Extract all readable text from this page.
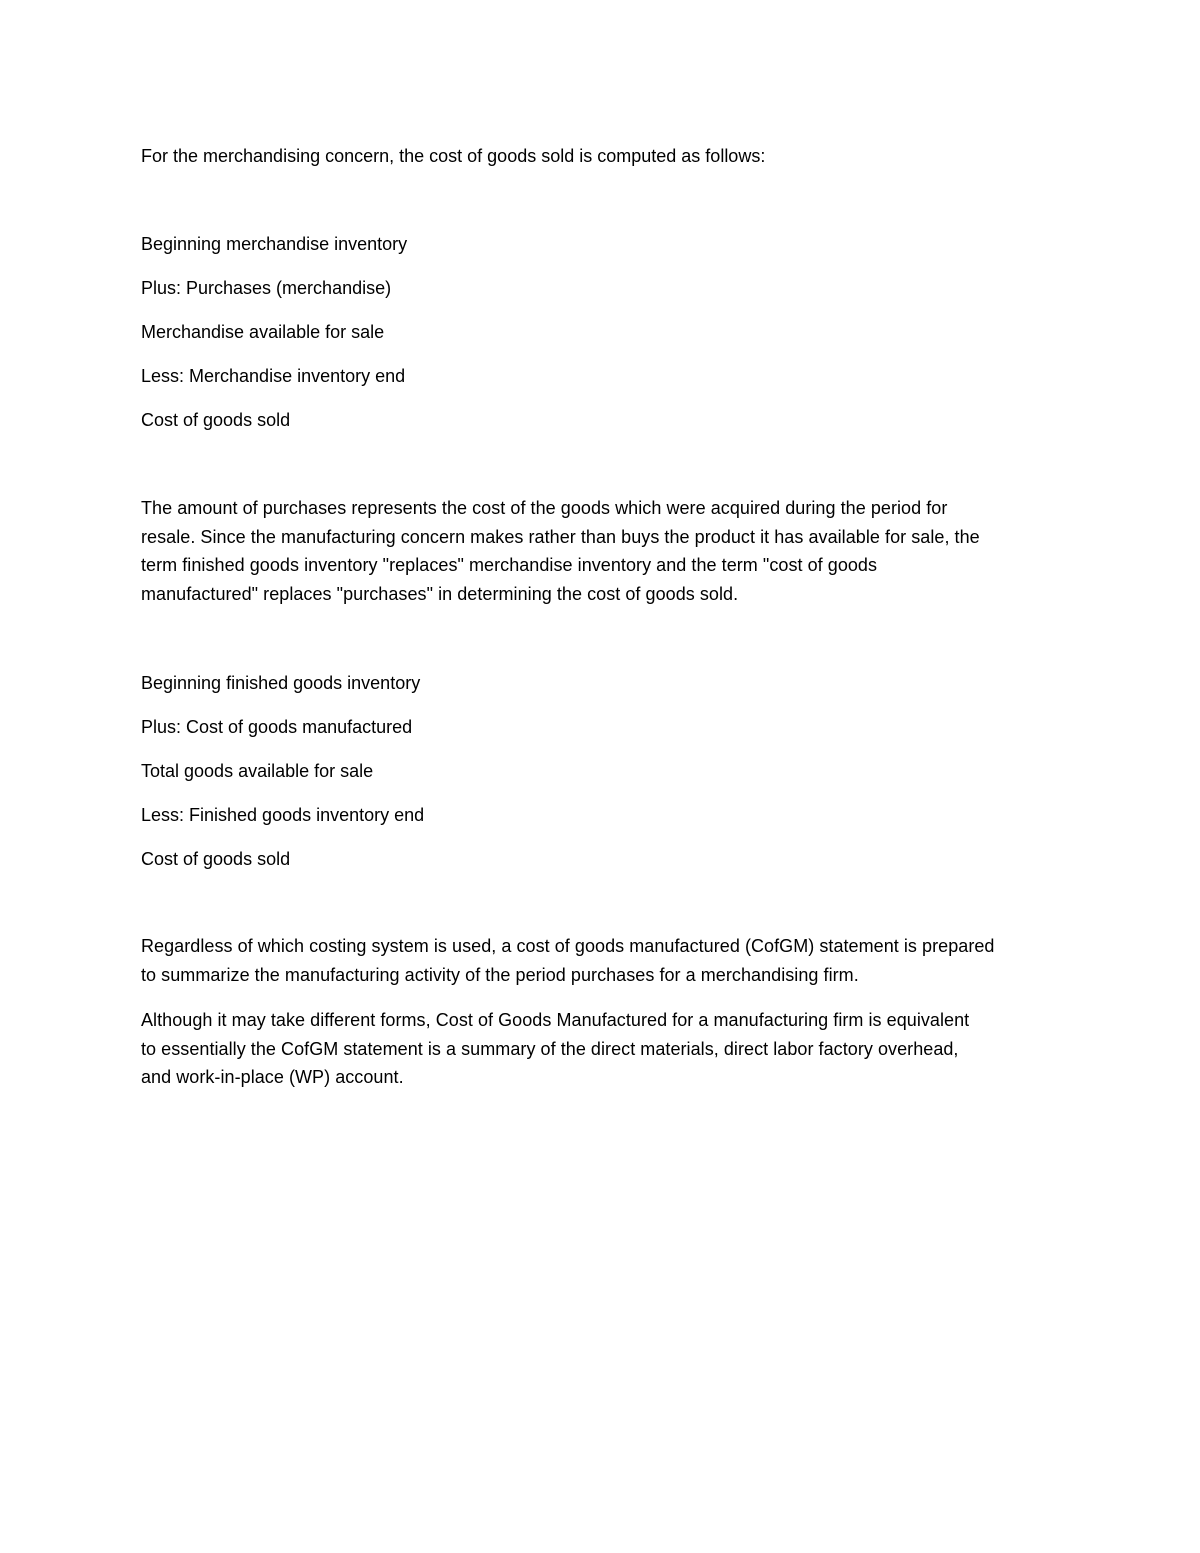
For the merchandising concern, the cost of goods sold is computed as follows:

Beginning merchandise inventory

Plus: Purchases (merchandise)

Merchandise available for sale

Less: Merchandise inventory end

Cost of goods sold

The amount of purchases represents the cost of the goods which were acquired during the period for
resale. Since the manufacturing concern makes rather than buys the product it has available for sale, the
term finished goods inventory "replaces" merchandise inventory and the term "cost of goods
manufactured" replaces "purchases" in determining the cost of goods sold.

Beginning finished goods inventory

Plus: Cost of goods manufactured

Total goods available for sale

Less: Finished goods inventory end

Cost of goods sold

Regardless of which costing system is used, a cost of goods manufactured (CofGM) statement is prepared
to summarize the manufacturing activity of the period purchases for a merchandising firm.
Although it may take different forms, Cost of Goods Manufactured for a manufacturing firm is equivalent
to essentially the CofGM statement is a summary of the direct materials, direct labor factory overhead,
and work-in-place (WP) account.
